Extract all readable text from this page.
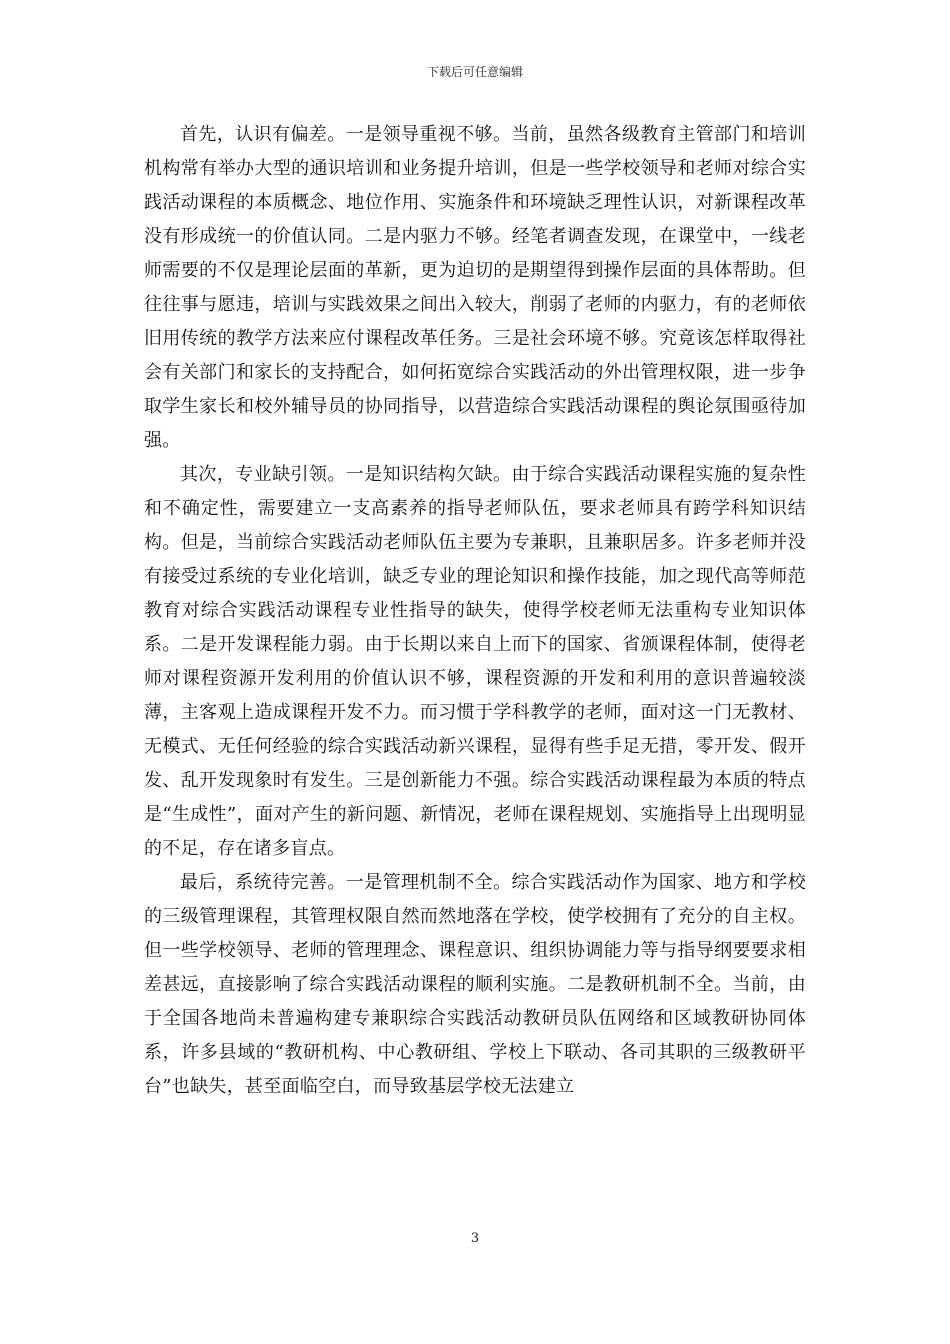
下载后可任意编辑

首先，认识有偏差。一是领导重视不够。当前，虽然各级教育主管部门和培训机构常有举办大型的通识培训和业务提升培训，但是一些学校领导和老师对综合实践活动课程的本质概念、地位作用、实施条件和环境缺乏理性认识，对新课程改革没有形成统一的价值认同。二是内驱力不够。经笔者调查发现，在课堂中，一线老师需要的不仅是理论层面的革新，更为迫切的是期望得到操作层面的具体帮助。但往往事与愿违，培训与实践效果之间出入较大，削弱了老师的内驱力，有的老师依旧用传统的教学方法来应付课程改革任务。三是社会环境不够。究竟该怎样取得社会有关部门和家长的支持配合，如何拓宽综合实践活动的外出管理权限，进一步争取学生家长和校外辅导员的协同指导，以营造综合实践活动课程的舆论氛围亟待加强。

其次，专业缺引领。一是知识结构欠缺。由于综合实践活动课程实施的复杂性和不确定性，需要建立一支高素养的指导老师队伍，要求老师具有跨学科知识结构。但是，当前综合实践活动老师队伍主要为专兼职，且兼职居多。许多老师并没有接受过系统的专业化培训，缺乏专业的理论知识和操作技能，加之现代高等师范教育对综合实践活动课程专业性指导的缺失，使得学校老师无法重构专业知识体系。二是开发课程能力弱。由于长期以来自上而下的国家、省颁课程体制，使得老师对课程资源开发利用的价值认识不够，课程资源的开发和利用的意识普遍较淡薄，主客观上造成课程开发不力。而习惯于学科教学的老师，面对这一门无教材、无模式、无任何经验的综合实践活动新兴课程，显得有些手足无措，零开发、假开发、乱开发现象时有发生。三是创新能力不强。综合实践活动课程最为本质的特点是“生成性”，面对产生的新问题、新情况，老师在课程规划、实施指导上出现明显的不足，存在诸多盲点。

最后，系统待完善。一是管理机制不全。综合实践活动作为国家、地方和学校的三级管理课程，其管理权限自然而然地落在学校，使学校拥有了充分的自主权。但一些学校领导、老师的管理理念、课程意识、组织协调能力等与指导纲要要求相差甚远，直接影响了综合实践活动课程的顺利实施。二是教研机制不全。当前，由于全国各地尚未普遍构建专兼职综合实践活动教研员队伍网络和区域教研协同体系，许多县域的“教研机构、中心教研组、学校上下联动、各司其职的三级教研平台”也缺失，甚至面临空白，而导致基层学校无法建立

3
